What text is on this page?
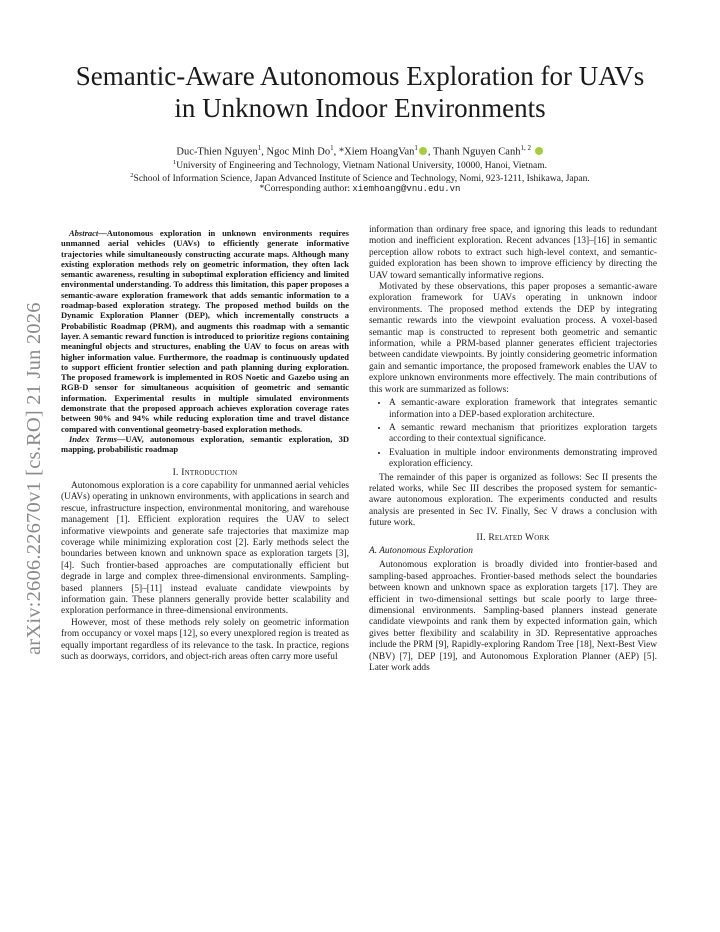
arXiv:2606.22670v1 [cs.RO] 21 Jun 2026
Semantic-Aware Autonomous Exploration for UAVs
in Unknown Indoor Environments
Duc-Thien Nguyen$^1$, Ngoc Minh Do$^1$, *Xiem HoangVan$^1$ , Thanh Nguyen Canh$^{1, 2}$
$^1$University of Engineering and Technology, Vietnam National University, 10000, Hanoi, Vietnam.
$^2$School of Information Science, Japan Advanced Institute of Science and Technology, Nomi, 923-1211, Ishikawa, Japan.
*Corresponding author: xiemhoang@vnu.edu.vn

Abstract—Autonomous exploration in unknown environments requires unmanned aerial vehicles (UAVs) to efficiently generate informative trajectories while simultaneously constructing accurate maps. Although many existing exploration methods rely on geometric information, they often lack semantic awareness, resulting in suboptimal exploration efficiency and limited environmental understanding. To address this limitation, this paper proposes a semantic-aware exploration framework that adds semantic information to a roadmap-based exploration strategy. The proposed method builds on the Dynamic Exploration Planner (DEP), which incrementally constructs a Probabilistic Roadmap (PRM), and augments this roadmap with a semantic layer. A semantic reward function is introduced to prioritize regions containing meaningful objects and structures, enabling the UAV to focus on areas with higher information value. Furthermore, the roadmap is continuously updated to support efficient frontier selection and path planning during exploration. The proposed framework is implemented in ROS Noetic and Gazebo using an RGB-D sensor for simultaneous acquisition of geometric and semantic information. Experimental results in multiple simulated environments demonstrate that the proposed approach achieves exploration coverage rates between 90% and 94% while reducing exploration time and travel distance compared with conventional geometry-based exploration methods.

Index Terms—UAV, autonomous exploration, semantic exploration, 3D mapping, probabilistic roadmap

I. Introduction

Autonomous exploration is a core capability for unmanned aerial vehicles (UAVs) operating in unknown environments, with applications in search and rescue, infrastructure inspection, environmental monitoring, and warehouse management [1]. Efficient exploration requires the UAV to select informative viewpoints and generate safe trajectories that maximize map coverage while minimizing exploration cost [2]. Early methods select the boundaries between known and unknown space as exploration targets [3], [4]. Such frontier-based approaches are computationally efficient but degrade in large and complex three-dimensional environments. Sampling-based planners [5]–[11] instead evaluate candidate viewpoints by information gain. These planners generally provide better scalability and exploration performance in three-dimensional environments.

However, most of these methods rely solely on geometric information from occupancy or voxel maps [12], so every unexplored region is treated as equally important regardless of its relevance to the task. In practice, regions such as doorways, corridors, and object-rich areas often carry more useful

information than ordinary free space, and ignoring this leads to redundant motion and inefficient exploration. Recent advances [13]–[16] in semantic perception allow robots to extract such high-level context, and semantic-guided exploration has been shown to improve efficiency by directing the UAV toward semantically informative regions.

Motivated by these observations, this paper proposes a semantic-aware exploration framework for UAVs operating in unknown indoor environments. The proposed method extends the DEP by integrating semantic rewards into the viewpoint evaluation process. A voxel-based semantic map is constructed to represent both geometric and semantic information, while a PRM-based planner generates efficient trajectories between candidate viewpoints. By jointly considering geometric information gain and semantic importance, the proposed framework enables the UAV to explore unknown environments more effectively. The main contributions of this work are summarized as follows:

• A semantic-aware exploration framework that integrates semantic information into a DEP-based exploration architecture.
• A semantic reward mechanism that prioritizes exploration targets according to their contextual significance.
• Evaluation in multiple indoor environments demonstrating improved exploration efficiency.

The remainder of this paper is organized as follows: Sec II presents the related works, while Sec III describes the proposed system for semantic-aware autonomous exploration. The experiments conducted and results analysis are presented in Sec IV. Finally, Sec V draws a conclusion with future work.

II. Related Work
A. Autonomous Exploration

Autonomous exploration is broadly divided into frontier-based and sampling-based approaches. Frontier-based methods select the boundaries between known and unknown space as exploration targets [17]. They are efficient in two-dimensional settings but scale poorly to large three-dimensional environments. Sampling-based planners instead generate candidate viewpoints and rank them by expected information gain, which gives better flexibility and scalability in 3D. Representative approaches include the PRM [9], Rapidly-exploring Random Tree [18], Next-Best View (NBV) [7], DEP [19], and Autonomous Exploration Planner (AEP) [5]. Later work adds
